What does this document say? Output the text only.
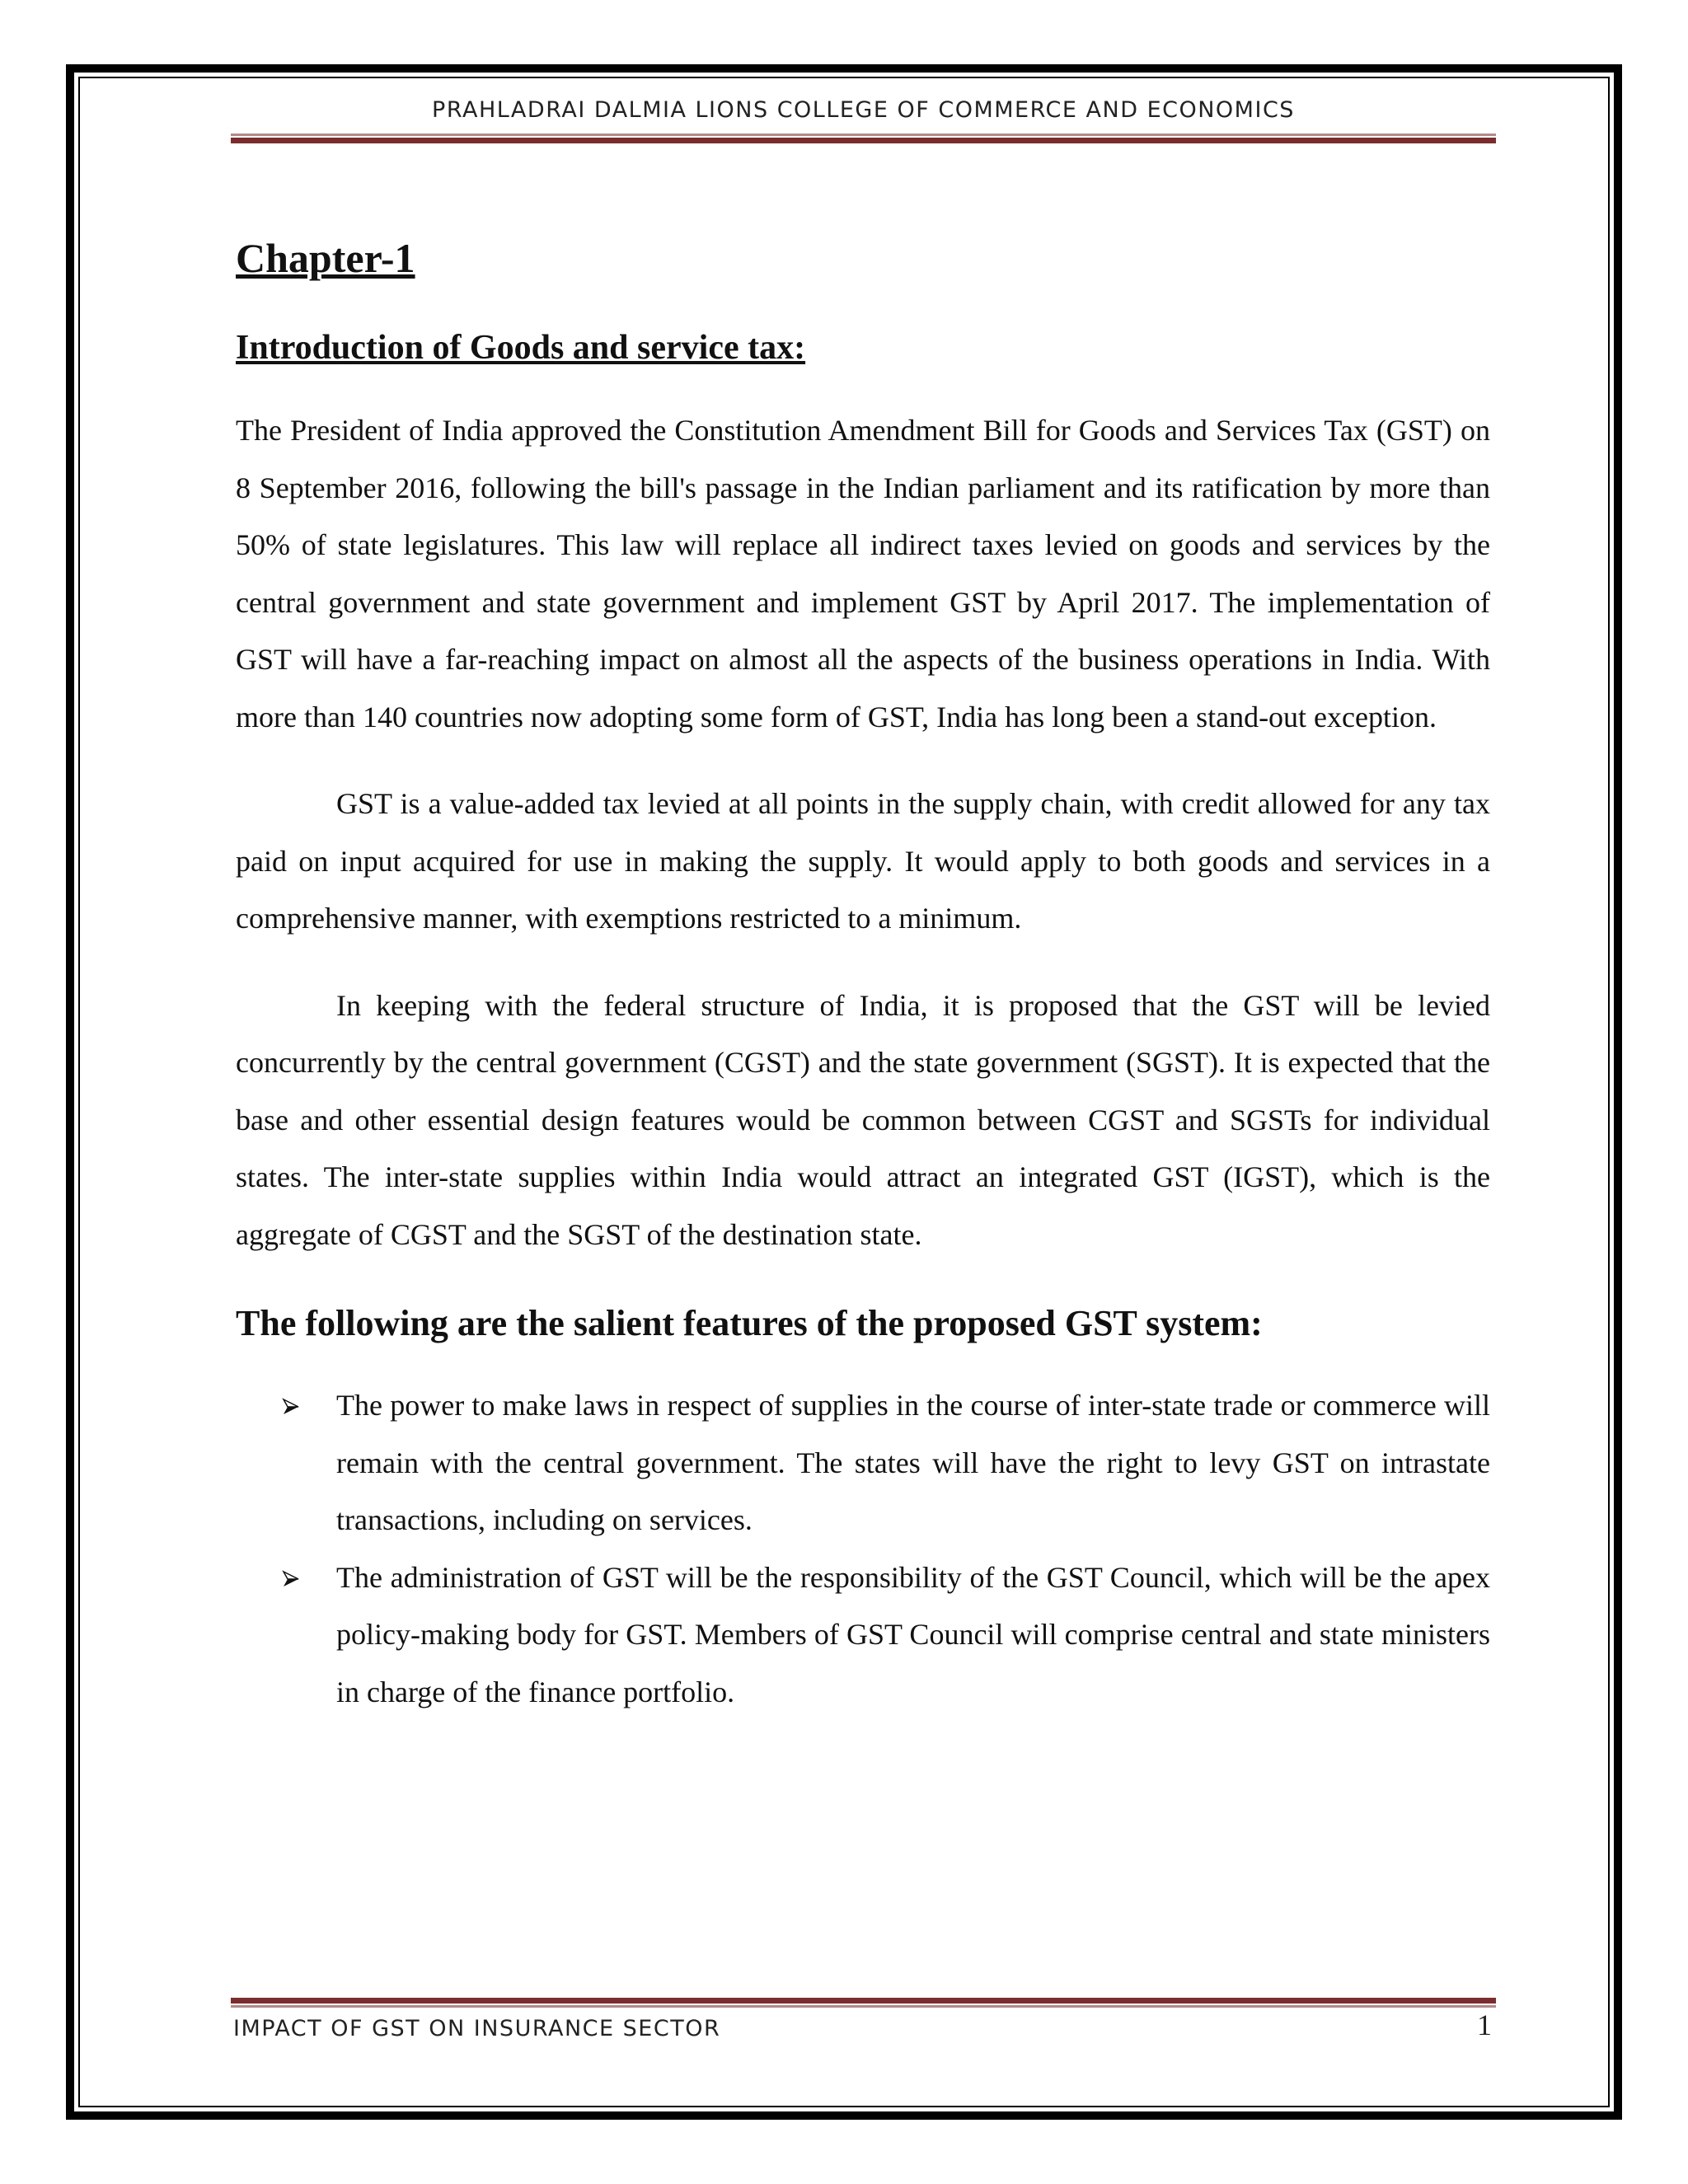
PRAHLADRAI DALMIA LIONS COLLEGE OF COMMERCE AND ECONOMICS
Chapter-1
Introduction of Goods and service tax:

The President of India approved the Constitution Amendment Bill for Goods and Services Tax (GST) on 8 September 2016, following the bill's passage in the Indian parliament and its ratification by more than 50% of state legislatures. This law will replace all indirect taxes levied on goods and services by the central government and state government and implement GST by April 2017. The implementation of GST will have a far-reaching impact on almost all the aspects of the business operations in India. With more than 140 countries now adopting some form of GST, India has long been a stand-out exception.

GST is a value-added tax levied at all points in the supply chain, with credit allowed for any tax paid on input acquired for use in making the supply. It would apply to both goods and services in a comprehensive manner, with exemptions restricted to a minimum.

In keeping with the federal structure of India, it is proposed that the GST will be levied concurrently by the central government (CGST) and the state government (SGST). It is expected that the base and other essential design features would be common between CGST and SGSTs for individual states. The inter-state supplies within India would attract an integrated GST (IGST), which is the aggregate of CGST and the SGST of the destination state.

The following are the salient features of the proposed GST system:
The power to make laws in respect of supplies in the course of inter-state trade or commerce will remain with the central government. The states will have the right to levy GST on intrastate transactions, including on services.
The administration of GST will be the responsibility of the GST Council, which will be the apex policy-making body for GST. Members of GST Council will comprise central and state ministers in charge of the finance portfolio.
IMPACT OF GST ON INSURANCE SECTOR	1
